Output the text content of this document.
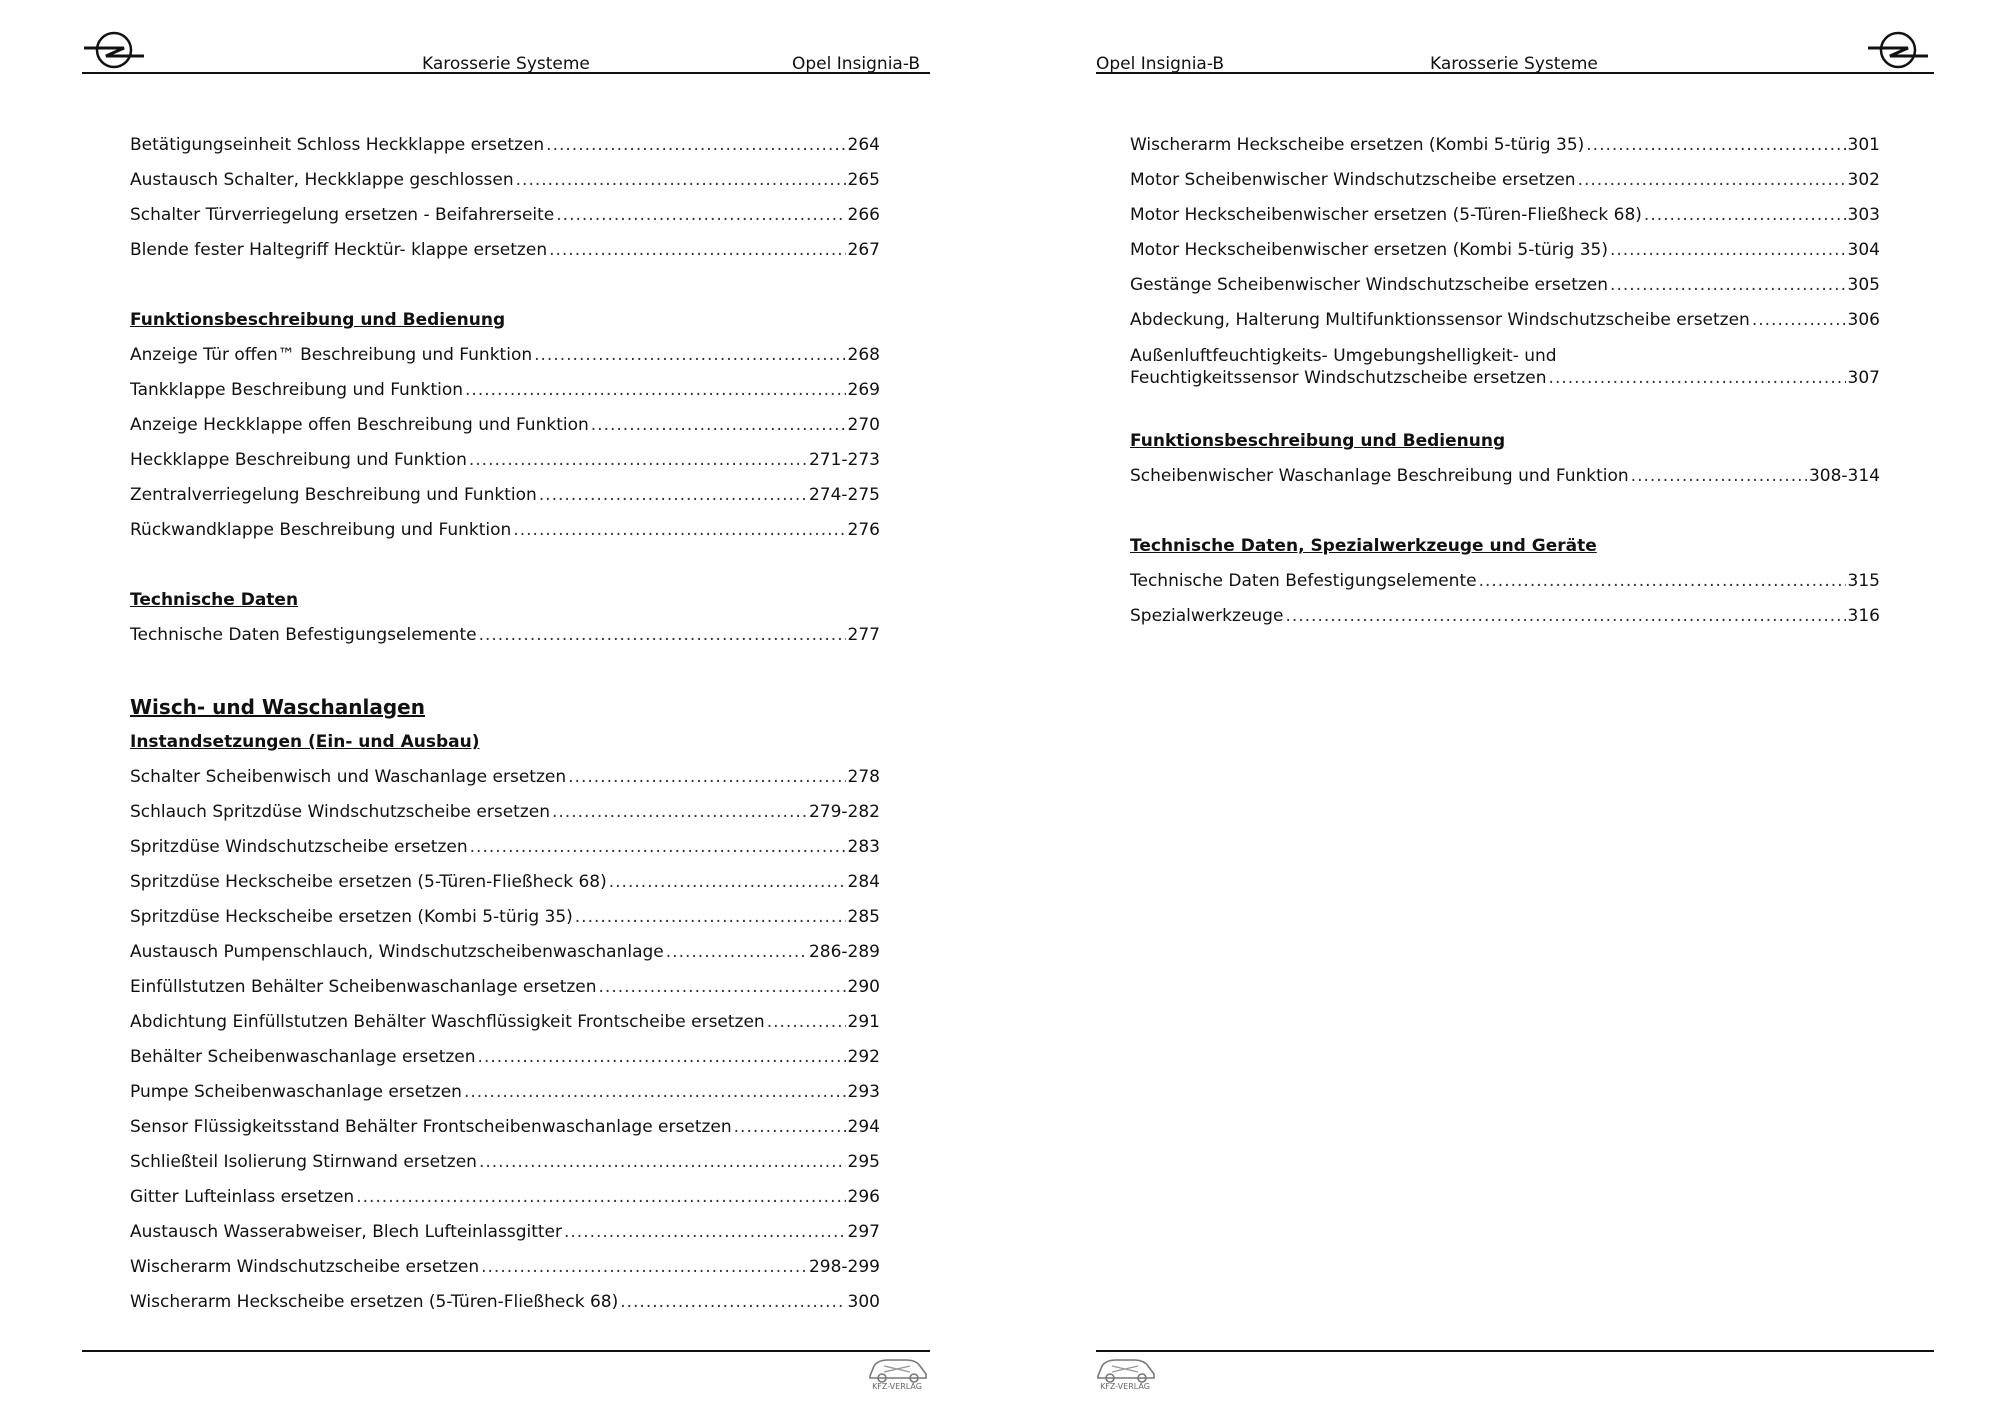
Karosserie Systeme	Opel Insignia-B
Betätigungseinheit Schloss Heckklappe ersetzen .....	264
Austausch Schalter, Heckklappe geschlossen .....	265
Schalter Türverriegelung ersetzen - Beifahrerseite .....	266
Blende fester Haltegriff Hecktür- klappe ersetzen .....	267
Funktionsbeschreibung und Bedienung
Anzeige Tür offen™ Beschreibung und Funktion .....	268
Tankklappe Beschreibung und Funktion .....	269
Anzeige Heckklappe offen Beschreibung und Funktion .....	270
Heckklappe Beschreibung und Funktion .....	271-273
Zentralverriegelung Beschreibung und Funktion .....	274-275
Rückwandklappe Beschreibung und Funktion .....	276
Technische Daten
Technische Daten Befestigungselemente .....	277
Wisch- und Waschanlagen
Instandsetzungen (Ein- und Ausbau)
Schalter Scheibenwisch und Waschanlage ersetzen .....	278
Schlauch Spritzdüse Windschutzscheibe ersetzen .....	279-282
Spritzdüse Windschutzscheibe ersetzen .....	283
Spritzdüse Heckscheibe ersetzen (5-Türen-Fließheck 68) .....	284
Spritzdüse Heckscheibe ersetzen (Kombi 5-türig 35) .....	285
Austausch Pumpenschlauch, Windschutzscheibenwaschanlage .....	286-289
Einfüllstutzen Behälter Scheibenwaschanlage ersetzen .....	290
Abdichtung Einfüllstutzen Behälter Waschflüssigkeit Frontscheibe ersetzen .....	291
Behälter Scheibenwaschanlage ersetzen .....	292
Pumpe Scheibenwaschanlage ersetzen .....	293
Sensor Flüssigkeitsstand Behälter Frontscheibenwaschanlage ersetzen .....	294
Schließteil Isolierung Stirnwand ersetzen .....	295
Gitter Lufteinlass ersetzen .....	296
Austausch Wasserabweiser, Blech Lufteinlassgitter .....	297
Wischerarm Windschutzscheibe ersetzen .....	298-299
Wischerarm Heckscheibe ersetzen (5-Türen-Fließheck 68) .....	300
KFZ-VERLAG
Opel Insignia-B	Karosserie Systeme
Wischerarm Heckscheibe ersetzen (Kombi 5-türig 35) .....	301
Motor Scheibenwischer Windschutzscheibe ersetzen .....	302
Motor Heckscheibenwischer ersetzen (5-Türen-Fließheck 68) .....	303
Motor Heckscheibenwischer ersetzen (Kombi 5-türig 35) .....	304
Gestänge Scheibenwischer Windschutzscheibe ersetzen .....	305
Abdeckung, Halterung Multifunktionssensor Windschutzscheibe ersetzen .....	306
Außenluftfeuchtigkeits- Umgebungshelligkeit- und
Feuchtigkeitssensor Windschutzscheibe ersetzen .....	307
Funktionsbeschreibung und Bedienung
Scheibenwischer Waschanlage Beschreibung und Funktion .....	308-314
Technische Daten, Spezialwerkzeuge und Geräte
Technische Daten Befestigungselemente .....	315
Spezialwerkzeuge .....	316
KFZ-VERLAG
